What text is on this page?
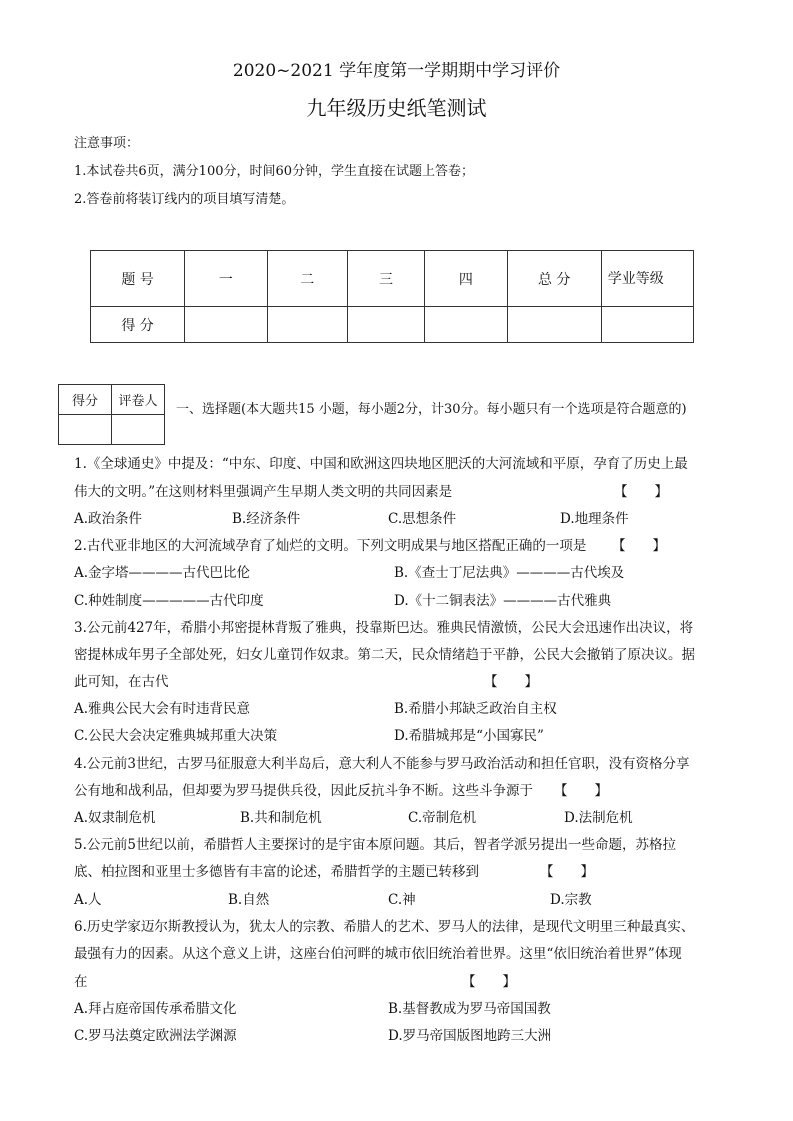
2020~2021 学年度第一学期期中学习评价
九年级历史纸笔测试
注意事项：
1.本试卷共6页，满分100分，时间60分钟，学生直接在试题上答卷；
2.答卷前将装订线内的项目填写清楚。
题 号	一	二	三	四	总 分	学业等级
得 分						
得分	评卷人

一、选择题(本大题共15 小题，每小题2分，计30分。每小题只有一个选项是符合题意的)
1.《全球通史》中提及：“中东、印度、中国和欧洲这四块地区肥沃的大河流域和平原，孕育了历史上最
伟大的文明。”在这则材料里强调产生早期人类文明的共同因素是	【　　】
A.政治条件	B.经济条件	C.思想条件	D.地理条件
2.古代亚非地区的大河流域孕育了灿烂的文明。下列文明成果与地区搭配正确的一项是 【　　】
A.金字塔————古代巴比伦	B.《查士丁尼法典》————古代埃及
C.种姓制度—————古代印度	D.《十二铜表法》————古代雅典
3.公元前427年，希腊小邦密提林背叛了雅典，投靠斯巴达。雅典民情激愤，公民大会迅速作出决议，将
密提林成年男子全部处死，妇女儿童罚作奴隶。第二天，民众情绪趋于平静，公民大会撤销了原决议。据
此可知，在古代	【　　】
A.雅典公民大会有时违背民意	B.希腊小邦缺乏政治自主权
C.公民大会决定雅典城邦重大决策	D.希腊城邦是“小国寡民”
4.公元前3世纪，古罗马征服意大利半岛后，意大利人不能参与罗马政治活动和担任官职，没有资格分享
公有地和战利品，但却要为罗马提供兵役，因此反抗斗争不断。这些斗争源于 【　　】
A.奴隶制危机	B.共和制危机	C.帝制危机	D.法制危机
5.公元前5世纪以前，希腊哲人主要探讨的是宇宙本原问题。其后，智者学派另提出一些命题，苏格拉
底、柏拉图和亚里士多德皆有丰富的论述，希腊哲学的主题已转移到	【　　】
A.人	B.自然	C.神	D.宗教
6.历史学家迈尔斯教授认为，犹太人的宗教、希腊人的艺术、罗马人的法律，是现代文明里三种最真实、
最强有力的因素。从这个意义上讲，这座台伯河畔的城市依旧统治着世界。这里“依旧统治着世界”体现
在	【　　】
A.拜占庭帝国传承希腊文化	B.基督教成为罗马帝国国教
C.罗马法奠定欧洲法学渊源	D.罗马帝国版图地跨三大洲
